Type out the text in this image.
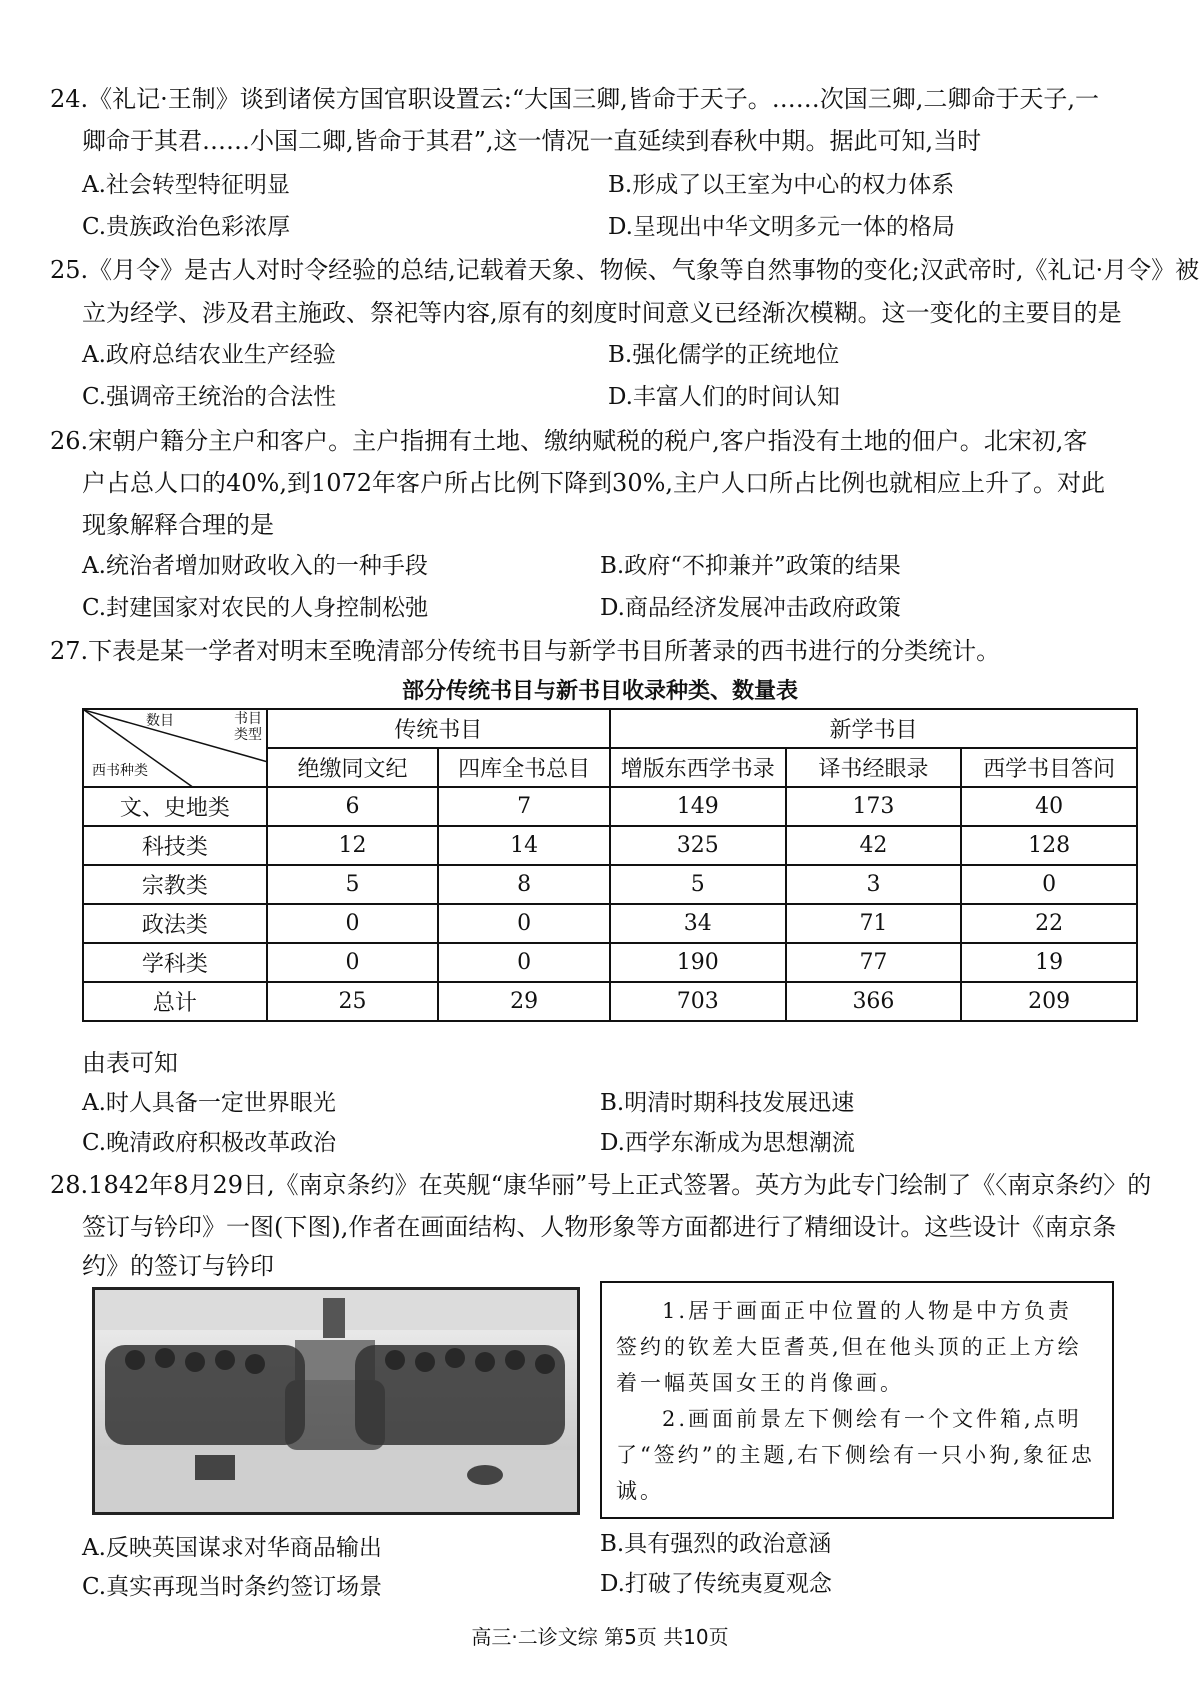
24.《礼记·王制》谈到诸侯方国官职设置云:“大国三卿,皆命于天子。……次国三卿,二卿命于天子,一
卿命于其君……小国二卿,皆命于其君”,这一情况一直延续到春秋中期。据此可知,当时
A.社会转型特征明显	B.形成了以王室为中心的权力体系
C.贵族政治色彩浓厚	D.呈现出中华文明多元一体的格局
25.《月令》是古人对时令经验的总结,记载着天象、物候、气象等自然事物的变化;汉武帝时,《礼记·月令》被
立为经学、涉及君主施政、祭祀等内容,原有的刻度时间意义已经渐次模糊。这一变化的主要目的是
A.政府总结农业生产经验	B.强化儒学的正统地位
C.强调帝王统治的合法性	D.丰富人们的时间认知
26.宋朝户籍分主户和客户。主户指拥有土地、缴纳赋税的税户,客户指没有土地的佃户。北宋初,客
户占总人口的40%,到1072年客户所占比例下降到30%,主户人口所占比例也就相应上升了。对此
现象解释合理的是
A.统治者增加财政收入的一种手段	B.政府“不抑兼并”政策的结果
C.封建国家对农民的人身控制松弛	D.商品经济发展冲击政府政策
27.下表是某一学者对明末至晚清部分传统书目与新学书目所著录的西书进行的分类统计。
部分传统书目与新书目收录种类、数量表
数目 书目
类型
西书种类	传统书目		新学书目		
	绝缴同文纪	四库全书总目	增版东西学书录	译书经眼录	西学书目答问
文、史地类	6	7	149	173	40
科技类	12	14	325	42	128
宗教类	5	8	5	3	0
政法类	0	0	34	71	22
学科类	0	0	190	77	19
总计	25	29	703	366	209
由表可知
A.时人具备一定世界眼光	B.明清时期科技发展迅速
C.晚清政府积极改革政治	D.西学东渐成为思想潮流
28.1842年8月29日,《南京条约》在英舰“康华丽”号上正式签署。英方为此专门绘制了《〈南京条约〉的
签订与钤印》一图(下图),作者在画面结构、人物形象等方面都进行了精细设计。这些设计《南京条
约》的签订与钤印

1.居于画面正中位置的人物是中方负责签约的钦差大臣耆英,但在他头顶的正上方绘着一幅英国女王的肖像画。

2.画面前景左下侧绘有一个文件箱,点明了“签约”的主题,右下侧绘有一只小狗,象征忠诚。

A.反映英国谋求对华商品输出	B.具有强烈的政治意涵
C.真实再现当时条约签订场景	D.打破了传统夷夏观念
高三·二诊文综 第5页 共10页
